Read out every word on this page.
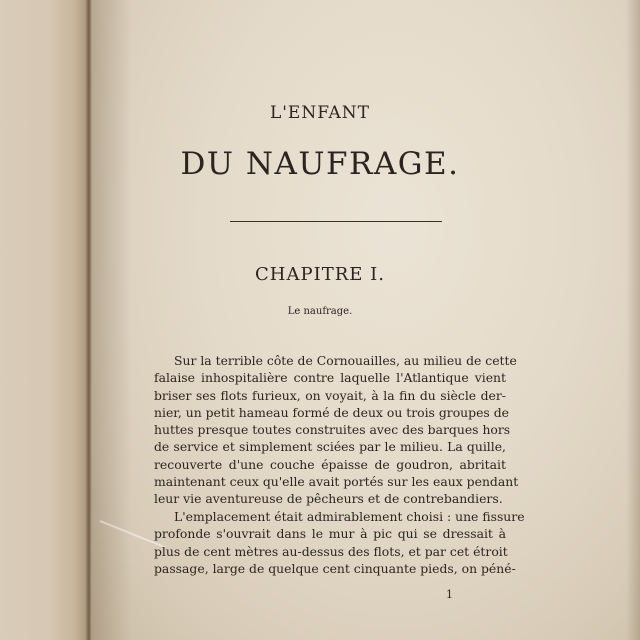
L'ENFANT
DU NAUFRAGE.
CHAPITRE I.
Le naufrage.
Sur la terrible côte de Cornouailles, au milieu de cette
falaise inhospitalière contre laquelle l'Atlantique vient
briser ses flots furieux, on voyait, à la fin du siècle der-
nier, un petit hameau formé de deux ou trois groupes de
huttes presque toutes construites avec des barques hors
de service et simplement sciées par le milieu. La quille,
recouverte d'une couche épaisse de goudron, abritait
maintenant ceux qu'elle avait portés sur les eaux pendant
leur vie aventureuse de pêcheurs et de contrebandiers.
L'emplacement était admirablement choisi : une fissure
profonde s'ouvrait dans le mur à pic qui se dressait à
plus de cent mètres au-dessus des flots, et par cet étroit
passage, large de quelque cent cinquante pieds, on péné-
1
